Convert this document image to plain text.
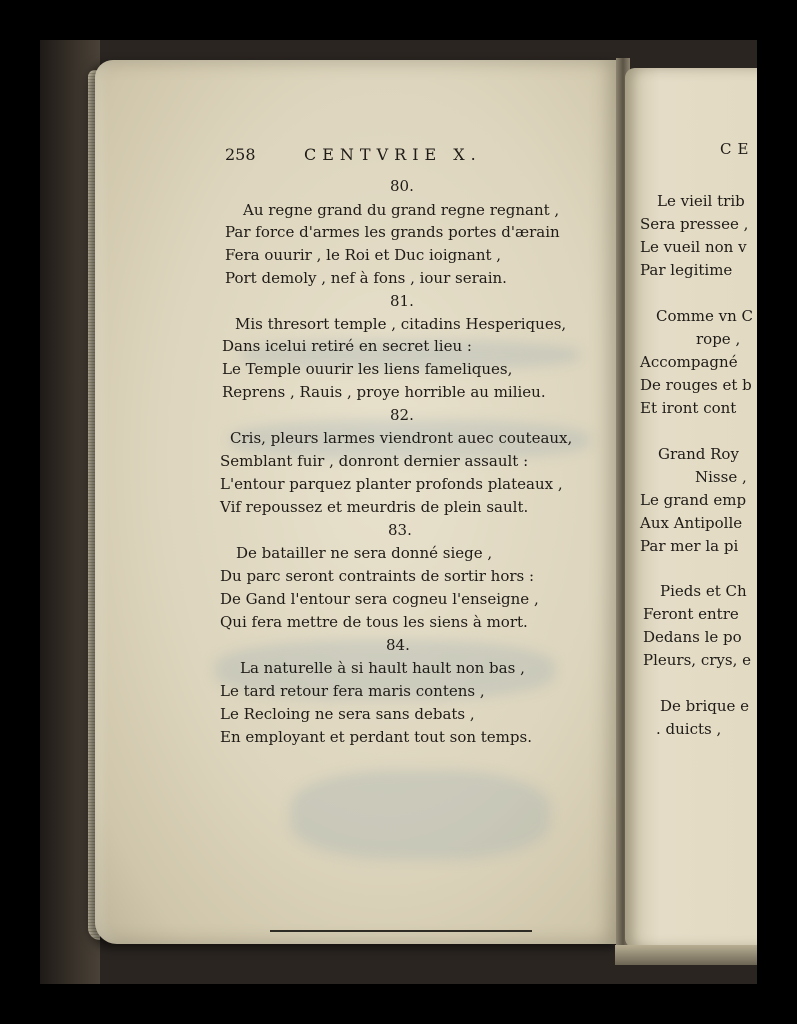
258	CENTVRIE X.
80.
Au regne grand du grand regne regnant ,
Par force d'armes les grands portes d'ærain
Fera ouurir , le Roi et Duc ioignant ,
Port demoly , nef à fons , iour serain.
81.
Mis thresort temple , citadins Hesperiques,
Dans icelui retiré en secret lieu :
Le Temple ouurir les liens fameliques,
Reprens , Rauis , proye horrible au milieu.
82.
Cris, pleurs larmes viendront auec couteaux,
Semblant fuir , donront dernier assault :
L'entour parquez planter profonds plateaux ,
Vif repoussez et meurdris de plein sault.
83.
De batailler ne sera donné siege ,
Du parc seront contraints de sortir hors :
De Gand l'entour sera cogneu l'enseigne ,
Qui fera mettre de tous les siens à mort.
84.
La naturelle à si hault hault non bas ,
Le tard retour fera maris contens ,
Le Recloing ne sera sans debats ,
En employant et perdant tout son temps.
CE
Le vieil trib
Sera pressee ,
Le vueil non v
Par legitime
Comme vn C
rope ,
Accompagné
De rouges et b
Et iront cont
Grand Roy
Nisse ,
Le grand emp
Aux Antipolle
Par mer la pi
Pieds et Ch
Feront entre
Dedans le po
Pleurs, crys, e
De brique e
. duicts ,
